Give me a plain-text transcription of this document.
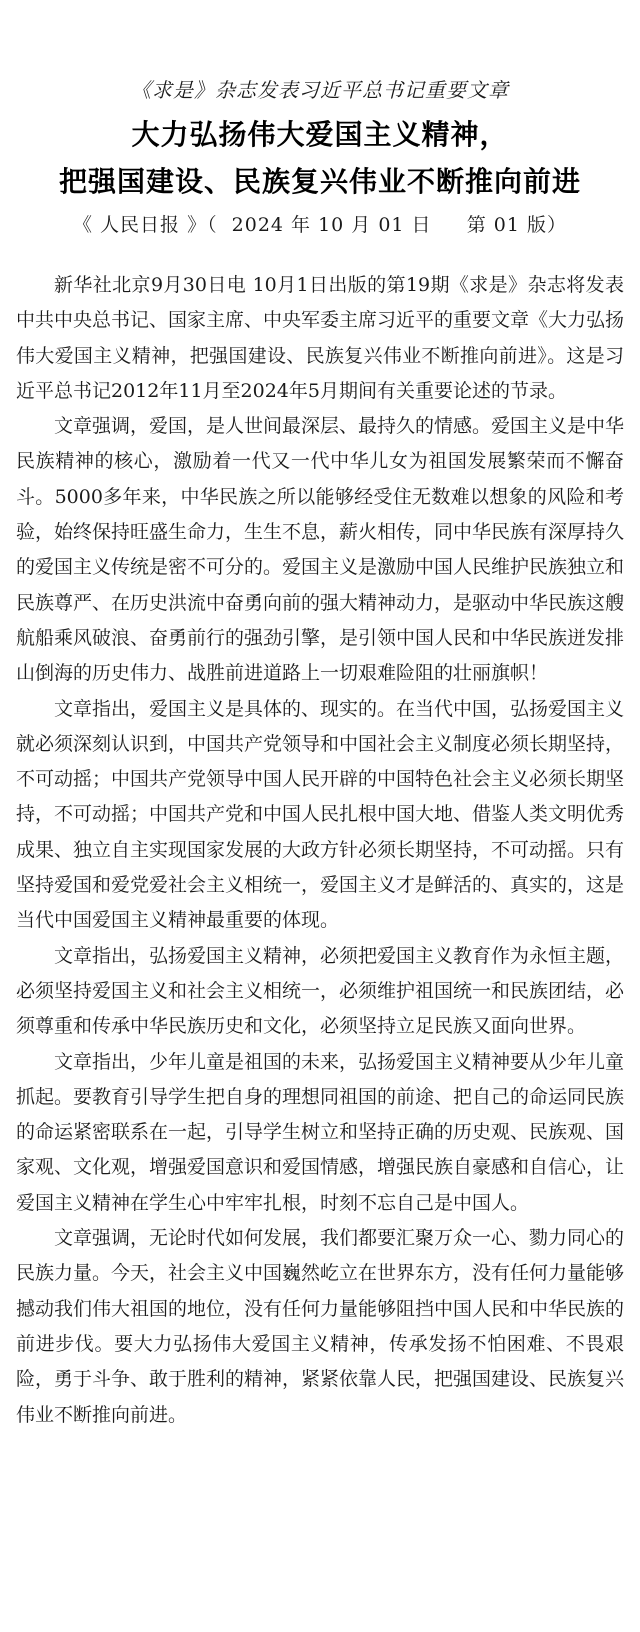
《求是》杂志发表习近平总书记重要文章
大力弘扬伟大爱国主义精神，
把强国建设、民族复兴伟业不断推向前进
《 人民日报 》（  2024 年 10 月 01 日     第 01 版）

新华社北京9月30日电 10月1日出版的第19期《求是》杂志将发表中共中央总书记、国家主席、中央军委主席习近平的重要文章《大力弘扬伟大爱国主义精神，把强国建设、民族复兴伟业不断推向前进》。这是习近平总书记2012年11月至2024年5月期间有关重要论述的节录。

文章强调，爱国，是人世间最深层、最持久的情感。爱国主义是中华民族精神的核心，激励着一代又一代中华儿女为祖国发展繁荣而不懈奋斗。5000多年来，中华民族之所以能够经受住无数难以想象的风险和考验，始终保持旺盛生命力，生生不息，薪火相传，同中华民族有深厚持久的爱国主义传统是密不可分的。爱国主义是激励中国人民维护民族独立和民族尊严、在历史洪流中奋勇向前的强大精神动力，是驱动中华民族这艘航船乘风破浪、奋勇前行的强劲引擎，是引领中国人民和中华民族迸发排山倒海的历史伟力、战胜前进道路上一切艰难险阻的壮丽旗帜！

文章指出，爱国主义是具体的、现实的。在当代中国，弘扬爱国主义就必须深刻认识到，中国共产党领导和中国社会主义制度必须长期坚持，不可动摇；中国共产党领导中国人民开辟的中国特色社会主义必须长期坚持，不可动摇；中国共产党和中国人民扎根中国大地、借鉴人类文明优秀成果、独立自主实现国家发展的大政方针必须长期坚持，不可动摇。只有坚持爱国和爱党爱社会主义相统一，爱国主义才是鲜活的、真实的，这是当代中国爱国主义精神最重要的体现。

文章指出，弘扬爱国主义精神，必须把爱国主义教育作为永恒主题，必须坚持爱国主义和社会主义相统一，必须维护祖国统一和民族团结，必须尊重和传承中华民族历史和文化，必须坚持立足民族又面向世界。

文章指出，少年儿童是祖国的未来，弘扬爱国主义精神要从少年儿童抓起。要教育引导学生把自身的理想同祖国的前途、把自己的命运同民族的命运紧密联系在一起，引导学生树立和坚持正确的历史观、民族观、国家观、文化观，增强爱国意识和爱国情感，增强民族自豪感和自信心，让爱国主义精神在学生心中牢牢扎根，时刻不忘自己是中国人。

文章强调，无论时代如何发展，我们都要汇聚万众一心、勠力同心的民族力量。今天，社会主义中国巍然屹立在世界东方，没有任何力量能够撼动我们伟大祖国的地位，没有任何力量能够阻挡中国人民和中华民族的前进步伐。要大力弘扬伟大爱国主义精神，传承发扬不怕困难、不畏艰险，勇于斗争、敢于胜利的精神，紧紧依靠人民，把强国建设、民族复兴伟业不断推向前进。
